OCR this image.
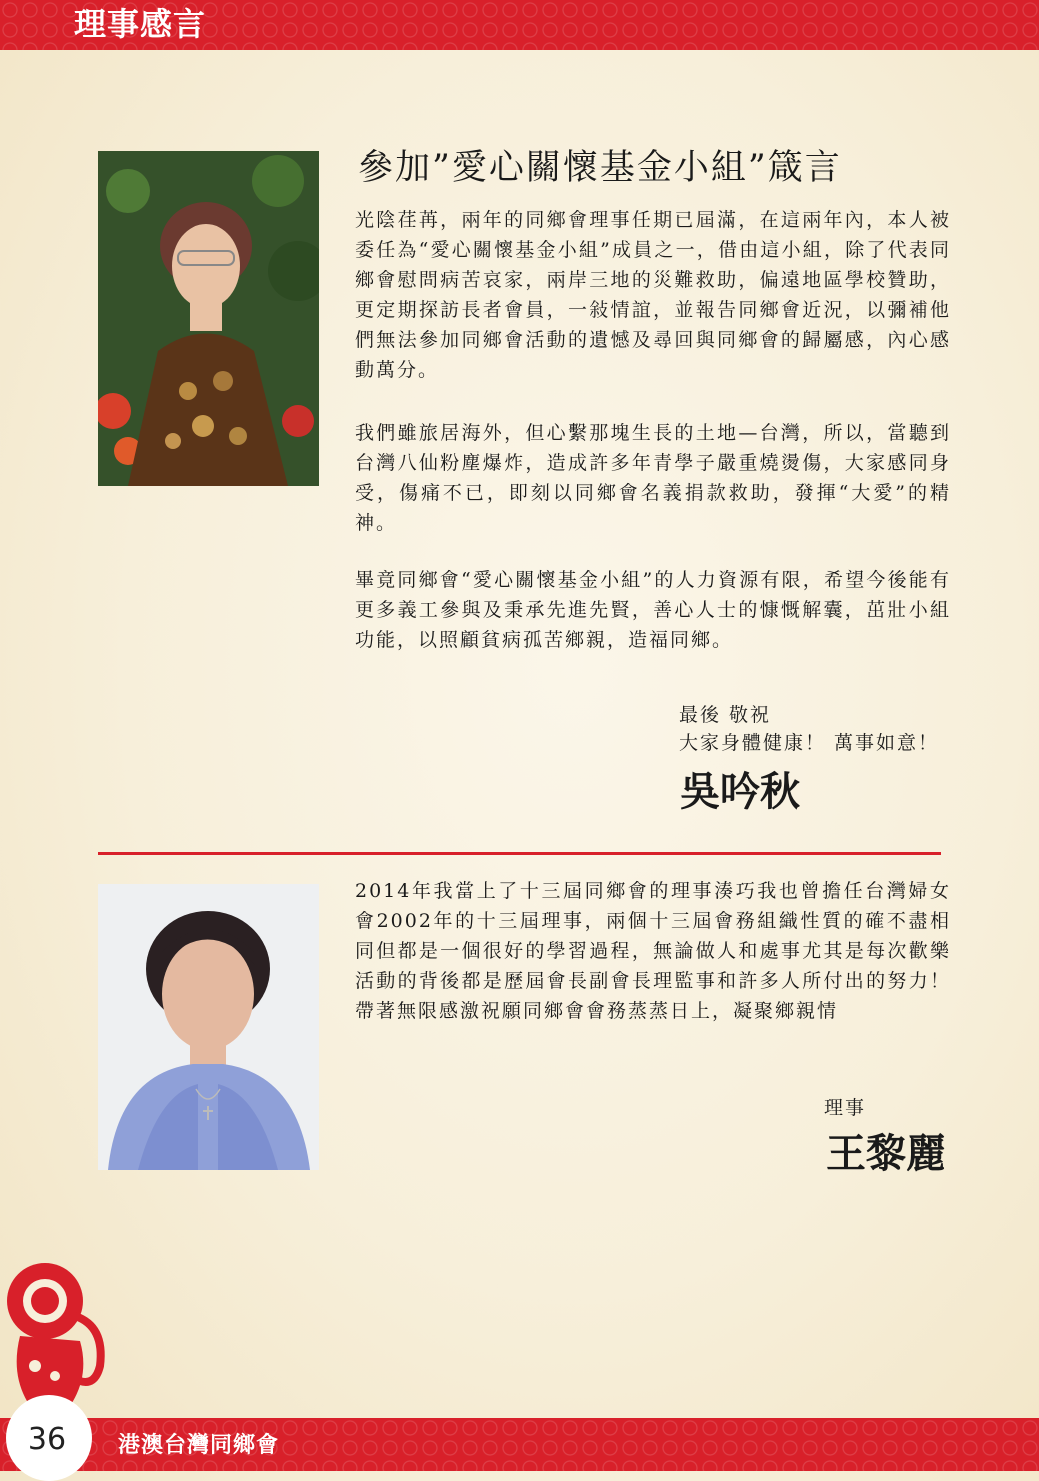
理事感言
參加”愛心關懷基金小組”箴言

光陰荏苒，兩年的同鄉會理事任期已屆滿，在這兩年內，本人被委任為“愛心關懷基金小組”成員之一，借由這小組，除了代表同鄉會慰問病苦哀家，兩岸三地的災難救助，偏遠地區學校贊助，更定期探訪長者會員，一敍情誼，並報告同鄉會近況，以彌補他們無法參加同鄉會活動的遺憾及尋回與同鄉會的歸屬感，內心感動萬分。

我們雖旅居海外，但心繫那塊生長的土地—台灣，所以，當聽到台灣八仙粉塵爆炸，造成許多年青學子嚴重燒燙傷，大家感同身受，傷痛不已，即刻以同鄉會名義捐款救助，發揮“大愛”的精神。

畢竟同鄉會“愛心關懷基金小組”的人力資源有限，希望今後能有更多義工參與及秉承先進先賢，善心人士的慷慨解囊，茁壯小組功能，以照顧貧病孤苦鄉親，造福同鄉。

最後 敬祝
大家身體健康！ 萬事如意！
吳吟秋

2014年我當上了十三屆同鄉會的理事湊巧我也曾擔任台灣婦女會2002年的十三屆理事，兩個十三屆會務組織性質的確不盡相同但都是一個很好的學習過程，無論做人和處事尤其是每次歡樂活動的背後都是歷屆會長副會長理監事和許多人所付出的努力！帶著無限感激祝願同鄉會會務蒸蒸日上，凝聚鄉親情

理事
王黎麗
36 港澳台灣同鄉會
